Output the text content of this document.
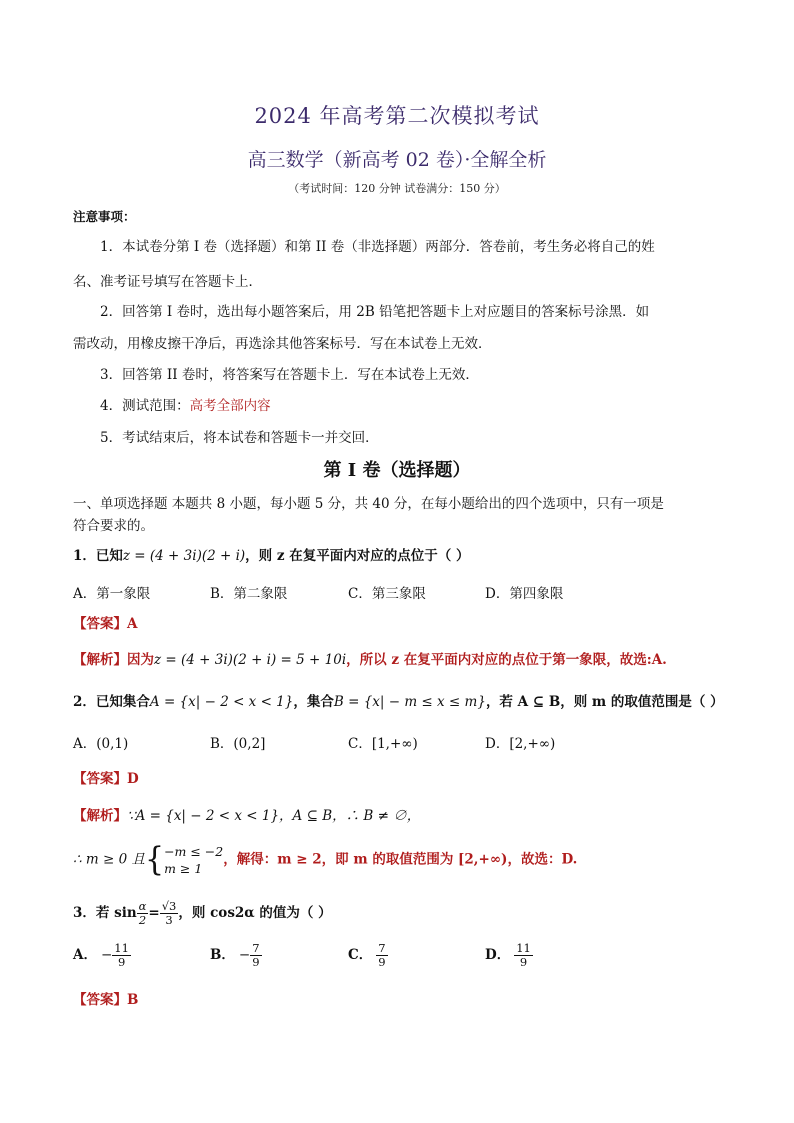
2024 年高考第二次模拟考试
高三数学（新高考 02 卷）·全解全析
（考试时间：120 分钟 试卷满分：150 分）
注意事项：
1．本试卷分第 I 卷（选择题）和第 II 卷（非选择题）两部分．答卷前，考生务必将自己的姓
名、准考证号填写在答题卡上．
2．回答第 I 卷时，选出每小题答案后，用 2B 铅笔把答题卡上对应题目的答案标号涂黑．如
需改动，用橡皮擦干净后，再选涂其他答案标号．写在本试卷上无效．
3．回答第 II 卷时，将答案写在答题卡上．写在本试卷上无效．
4．测试范围：高考全部内容
5．考试结束后，将本试卷和答题卡一并交回．
第 I 卷（选择题）
一、单项选择题 本题共 8 小题，每小题 5 分，共 40 分，在每小题给出的四个选项中，只有一项是
符合要求的。
1．已知z = (4 + 3i)(2 + i)，则 z 在复平面内对应的点位于（ ）
A．第一象限	B．第二象限	C．第三象限	D．第四象限
【答案】A
【解析】因为z = (4 + 3i)(2 + i) = 5 + 10i，所以 z 在复平面内对应的点位于第一象限，故选:A.
2．已知集合A = {x| − 2 < x < 1}，集合B = {x| − m ≤ x ≤ m}，若 A ⊆ B，则 m 的取值范围是（ ）
A．(0,1)	B．(0,2]	C．[1,+∞)	D．[2,+∞)
【答案】D
【解析】∵A = {x| − 2 < x < 1}，A ⊆ B，∴ B ≠ ∅，
∴ m ≥ 0 且{ −m ≤ −2
m ≥ 1
，解得：m ≥ 2，即 m 的取值范围为 [2,+∞)，故选：D.
3．若 $\sin \frac{\alpha}{2} = \frac{√3}{3}$ ，则 cos2α 的值为（ ）
A． − $\frac{11}{9}$	B． − $\frac{7}{9}$	C． $\frac{7}{9}$	D． $\frac{11}{9}$
【答案】B
